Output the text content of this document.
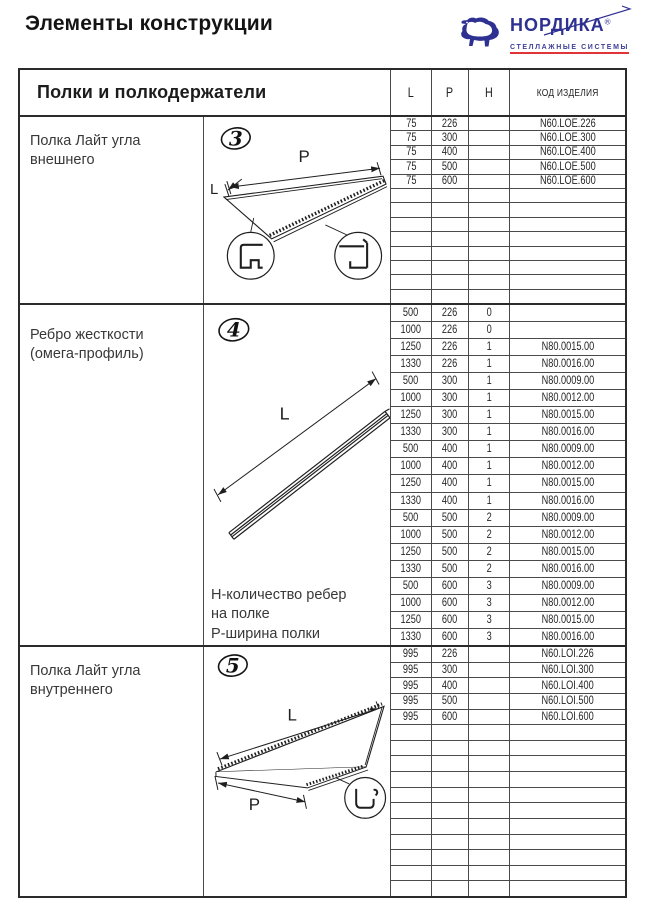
Элементы конструкции	НОРДИКА®
СТЕЛЛАЖНЫЕ СИСТЕМЫ
Полки и полкодержатели	L P H	КОД ИЗДЕЛИЯ
Полка Лайт угла
внешнего
3
P
L
75 226	N60.LOE.226
75 300	N60.LOE.300
75 400	N60.LOE.400
75 500	N60.LOE.500
75 600	N60.LOE.600
Ребро жесткости
(омега-профиль)
4
L
Н-количество ребер
на полке
Р-ширина полки
500 226	0
1000 226	0
1250 226	1	N80.0015.00
1330 226	1	N80.0016.00
500 300	1	N80.0009.00
1000 300	1	N80.0012.00
1250 300	1	N80.0015.00
1330 300	1	N80.0016.00
500 400	1	N80.0009.00
1000 400	1	N80.0012.00
1250 400	1	N80.0015.00
1330 400	1	N80.0016.00
500 500	2	N80.0009.00
1000 500	2	N80.0012.00
1250 500	2	N80.0015.00
1330 500	2	N80.0016.00
500 600	3	N80.0009.00
1000 600	3	N80.0012.00
1250 600	3	N80.0015.00
1330 600	3	N80.0016.00
Полка Лайт угла
внутреннего
5
L
P
995 226	N60.LOI.226
995 300	N60.LOI.300
995 400	N60.LOI.400
995 500	N60.LOI.500
995 600	N60.LOI.600
